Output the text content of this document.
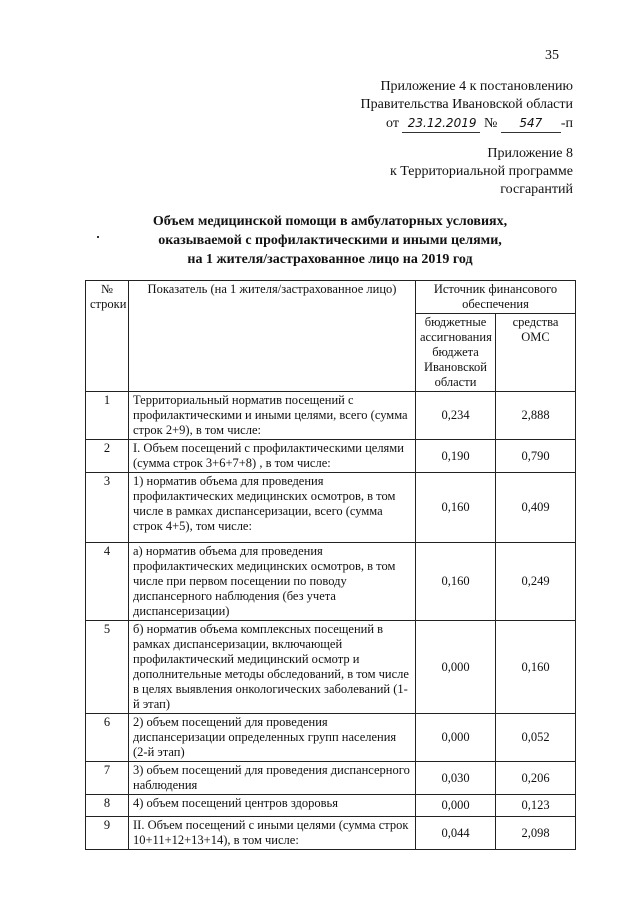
35
Приложение 4 к постановлению
Правительства Ивановской области
от 23.12.2019 № 547 -п
Приложение 8
к Территориальной программе
госгарантий
Объем медицинской помощи в амбулаторных условиях,
оказываемой с профилактическими и иными целями,
на 1 жителя/застрахованное лицо на 2019 год
№ строки	Показатель (на 1 жителя/застрахованное лицо)	Источник финансового обеспечения	
		бюджетные ассигнования бюджета Ивановской области	средства ОМС
1	Территориальный норматив посещений с профилактическими и иными целями, всего (сумма строк 2+9), в том числе:	0,234	2,888
2	I. Объем посещений с профилактическими целями (сумма строк 3+6+7+8) , в том числе:	0,190	0,790
3	1) норматив объема для проведения профилактических медицинских осмотров, в том числе в рамках диспансеризации, всего (сумма строк 4+5), том числе:	0,160	0,409
4	а) норматив объема для проведения профилактических медицинских осмотров, в том числе при первом посещении по поводу диспансерного наблюдения (без учета диспансеризации)	0,160	0,249
5	б) норматив объема комплексных посещений в рамках диспансеризации, включающей профилактический медицинский осмотр и дополнительные методы обследований, в том числе в целях выявления онкологических заболеваний (1-й этап)	0,000	0,160
6	2) объем посещений для проведения диспансеризации определенных групп населения (2-й этап)	0,000	0,052
7	3) объем посещений для проведения диспансерного наблюдения	0,030	0,206
8	4) объем посещений центров здоровья	0,000	0,123
9	II. Объем посещений с иными целями (сумма строк 10+11+12+13+14), в том числе:	0,044	2,098
